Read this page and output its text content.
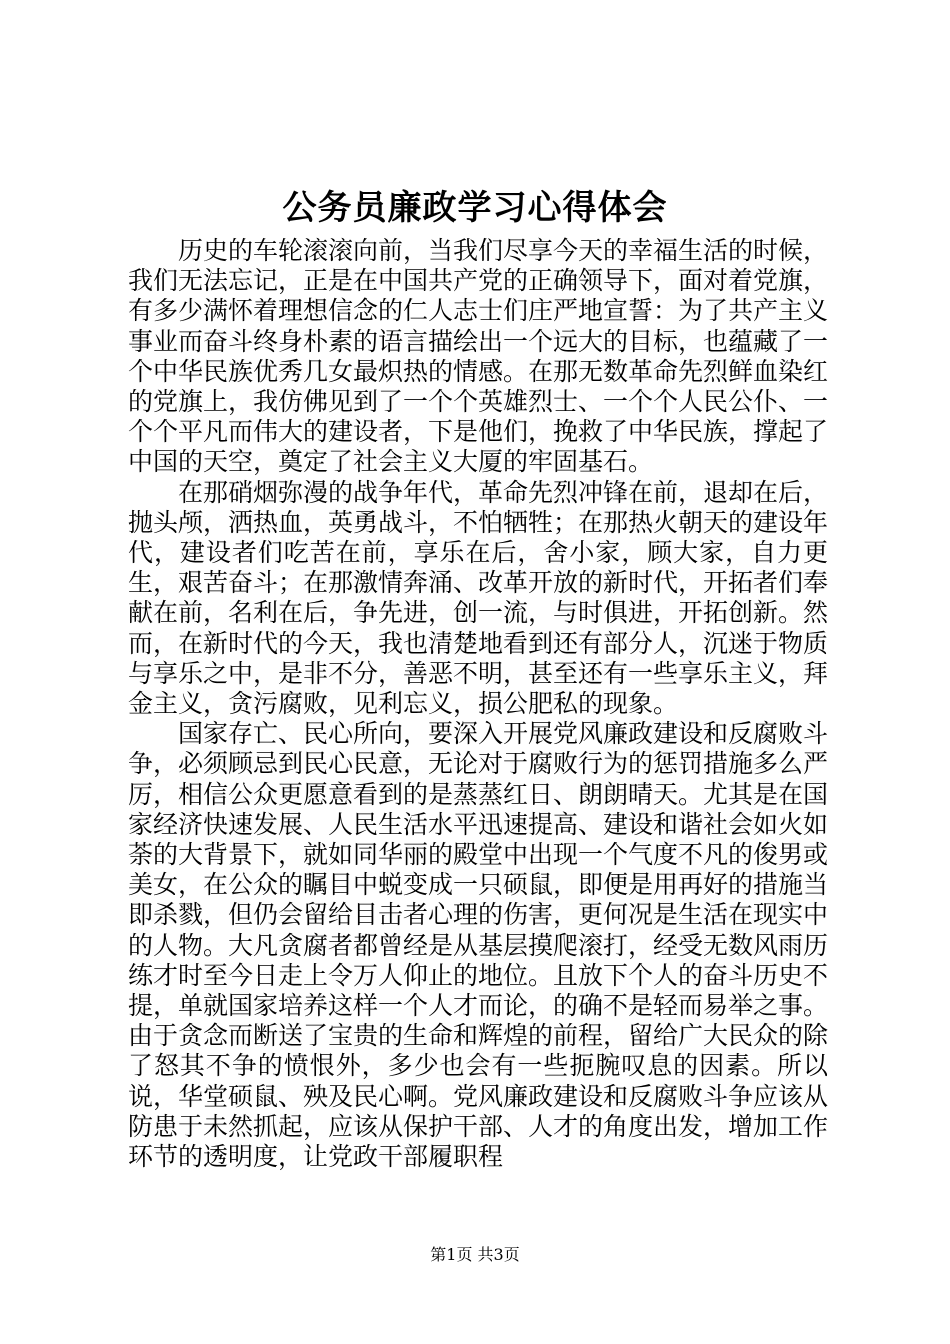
公务员廉政学习心得体会

历史的车轮滚滚向前，当我们尽享今天的幸福生活的时候，我们无法忘记，正是在中国共产党的正确领导下，面对着党旗，有多少满怀着理想信念的仁人志士们庄严地宣誓：为了共产主义事业而奋斗终身朴素的语言描绘出一个远大的目标，也蕴藏了一个中华民族优秀几女最炽热的情感。在那无数革命先烈鲜血染红的党旗上，我仿佛见到了一个个英雄烈士、一个个人民公仆、一个个平凡而伟大的建设者，下是他们，挽救了中华民族，撑起了中国的天空，奠定了社会主义大厦的牢固基石。

在那硝烟弥漫的战争年代，革命先烈冲锋在前，退却在后，抛头颅，洒热血，英勇战斗，不怕牺牲；在那热火朝天的建设年代，建设者们吃苦在前，享乐在后，舍小家，顾大家，自力更生，艰苦奋斗；在那激情奔涌、改革开放的新时代，开拓者们奉献在前，名利在后，争先进，创一流，与时俱进，开拓创新。然而，在新时代的今天，我也清楚地看到还有部分人，沉迷于物质与享乐之中，是非不分，善恶不明，甚至还有一些享乐主义，拜金主义，贪污腐败，见利忘义，损公肥私的现象。

国家存亡、民心所向，要深入开展党风廉政建设和反腐败斗争，必须顾忌到民心民意，无论对于腐败行为的惩罚措施多么严厉，相信公众更愿意看到的是蒸蒸红日、朗朗晴天。尤其是在国家经济快速发展、人民生活水平迅速提高、建设和谐社会如火如荼的大背景下，就如同华丽的殿堂中出现一个气度不凡的俊男或美女，在公众的瞩目中蜕变成一只硕鼠，即便是用再好的措施当即杀戮，但仍会留给目击者心理的伤害，更何况是生活在现实中的人物。大凡贪腐者都曾经是从基层摸爬滚打，经受无数风雨历练才时至今日走上令万人仰止的地位。且放下个人的奋斗历史不提，单就国家培养这样一个人才而论，的确不是轻而易举之事。由于贪念而断送了宝贵的生命和辉煌的前程，留给广大民众的除了怒其不争的愤恨外，多少也会有一些扼腕叹息的因素。所以说，华堂硕鼠、殃及民心啊。党风廉政建设和反腐败斗争应该从防患于未然抓起，应该从保护干部、人才的角度出发，增加工作环节的透明度，让党政干部履职程

第1页 共3页
